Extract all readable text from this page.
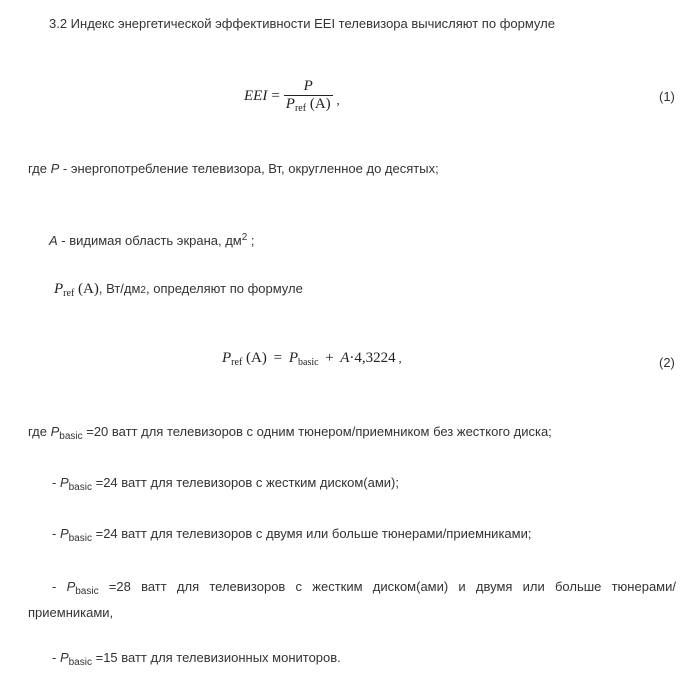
3.2 Индекс энергетической эффективности EEI телевизора вычисляют по формуле
EEI = $\frac{P}{P_{ref} (A)}$ ,	(1)
где P - энергопотребление телевизора, Вт, округленное до десятых;
A - видимая область экрана, $дм^2$ ;
$P_{ref}$ (A) , Вт/дм 2 , определяют по формуле
$P_{ref}$ $(A) = P_{basic} + A\cdot 4,3224$ ,	(2)
где $P_{basic} =20$ ватт для телевизоров с одним тюнером/приемником без жесткого диска;
- $P_{basic} =24$ ватт для телевизоров с жестким диском(ами);
- $P_{basic} =24$ ватт для телевизоров с двумя или больше тюнерами/приемниками;
- $P_{basic} =28$ ватт для телевизоров с жестким диском(ами) и двумя или больше тюнерами/
приемниками,
- $P_{basic} =15$ ватт для телевизионных мониторов.
